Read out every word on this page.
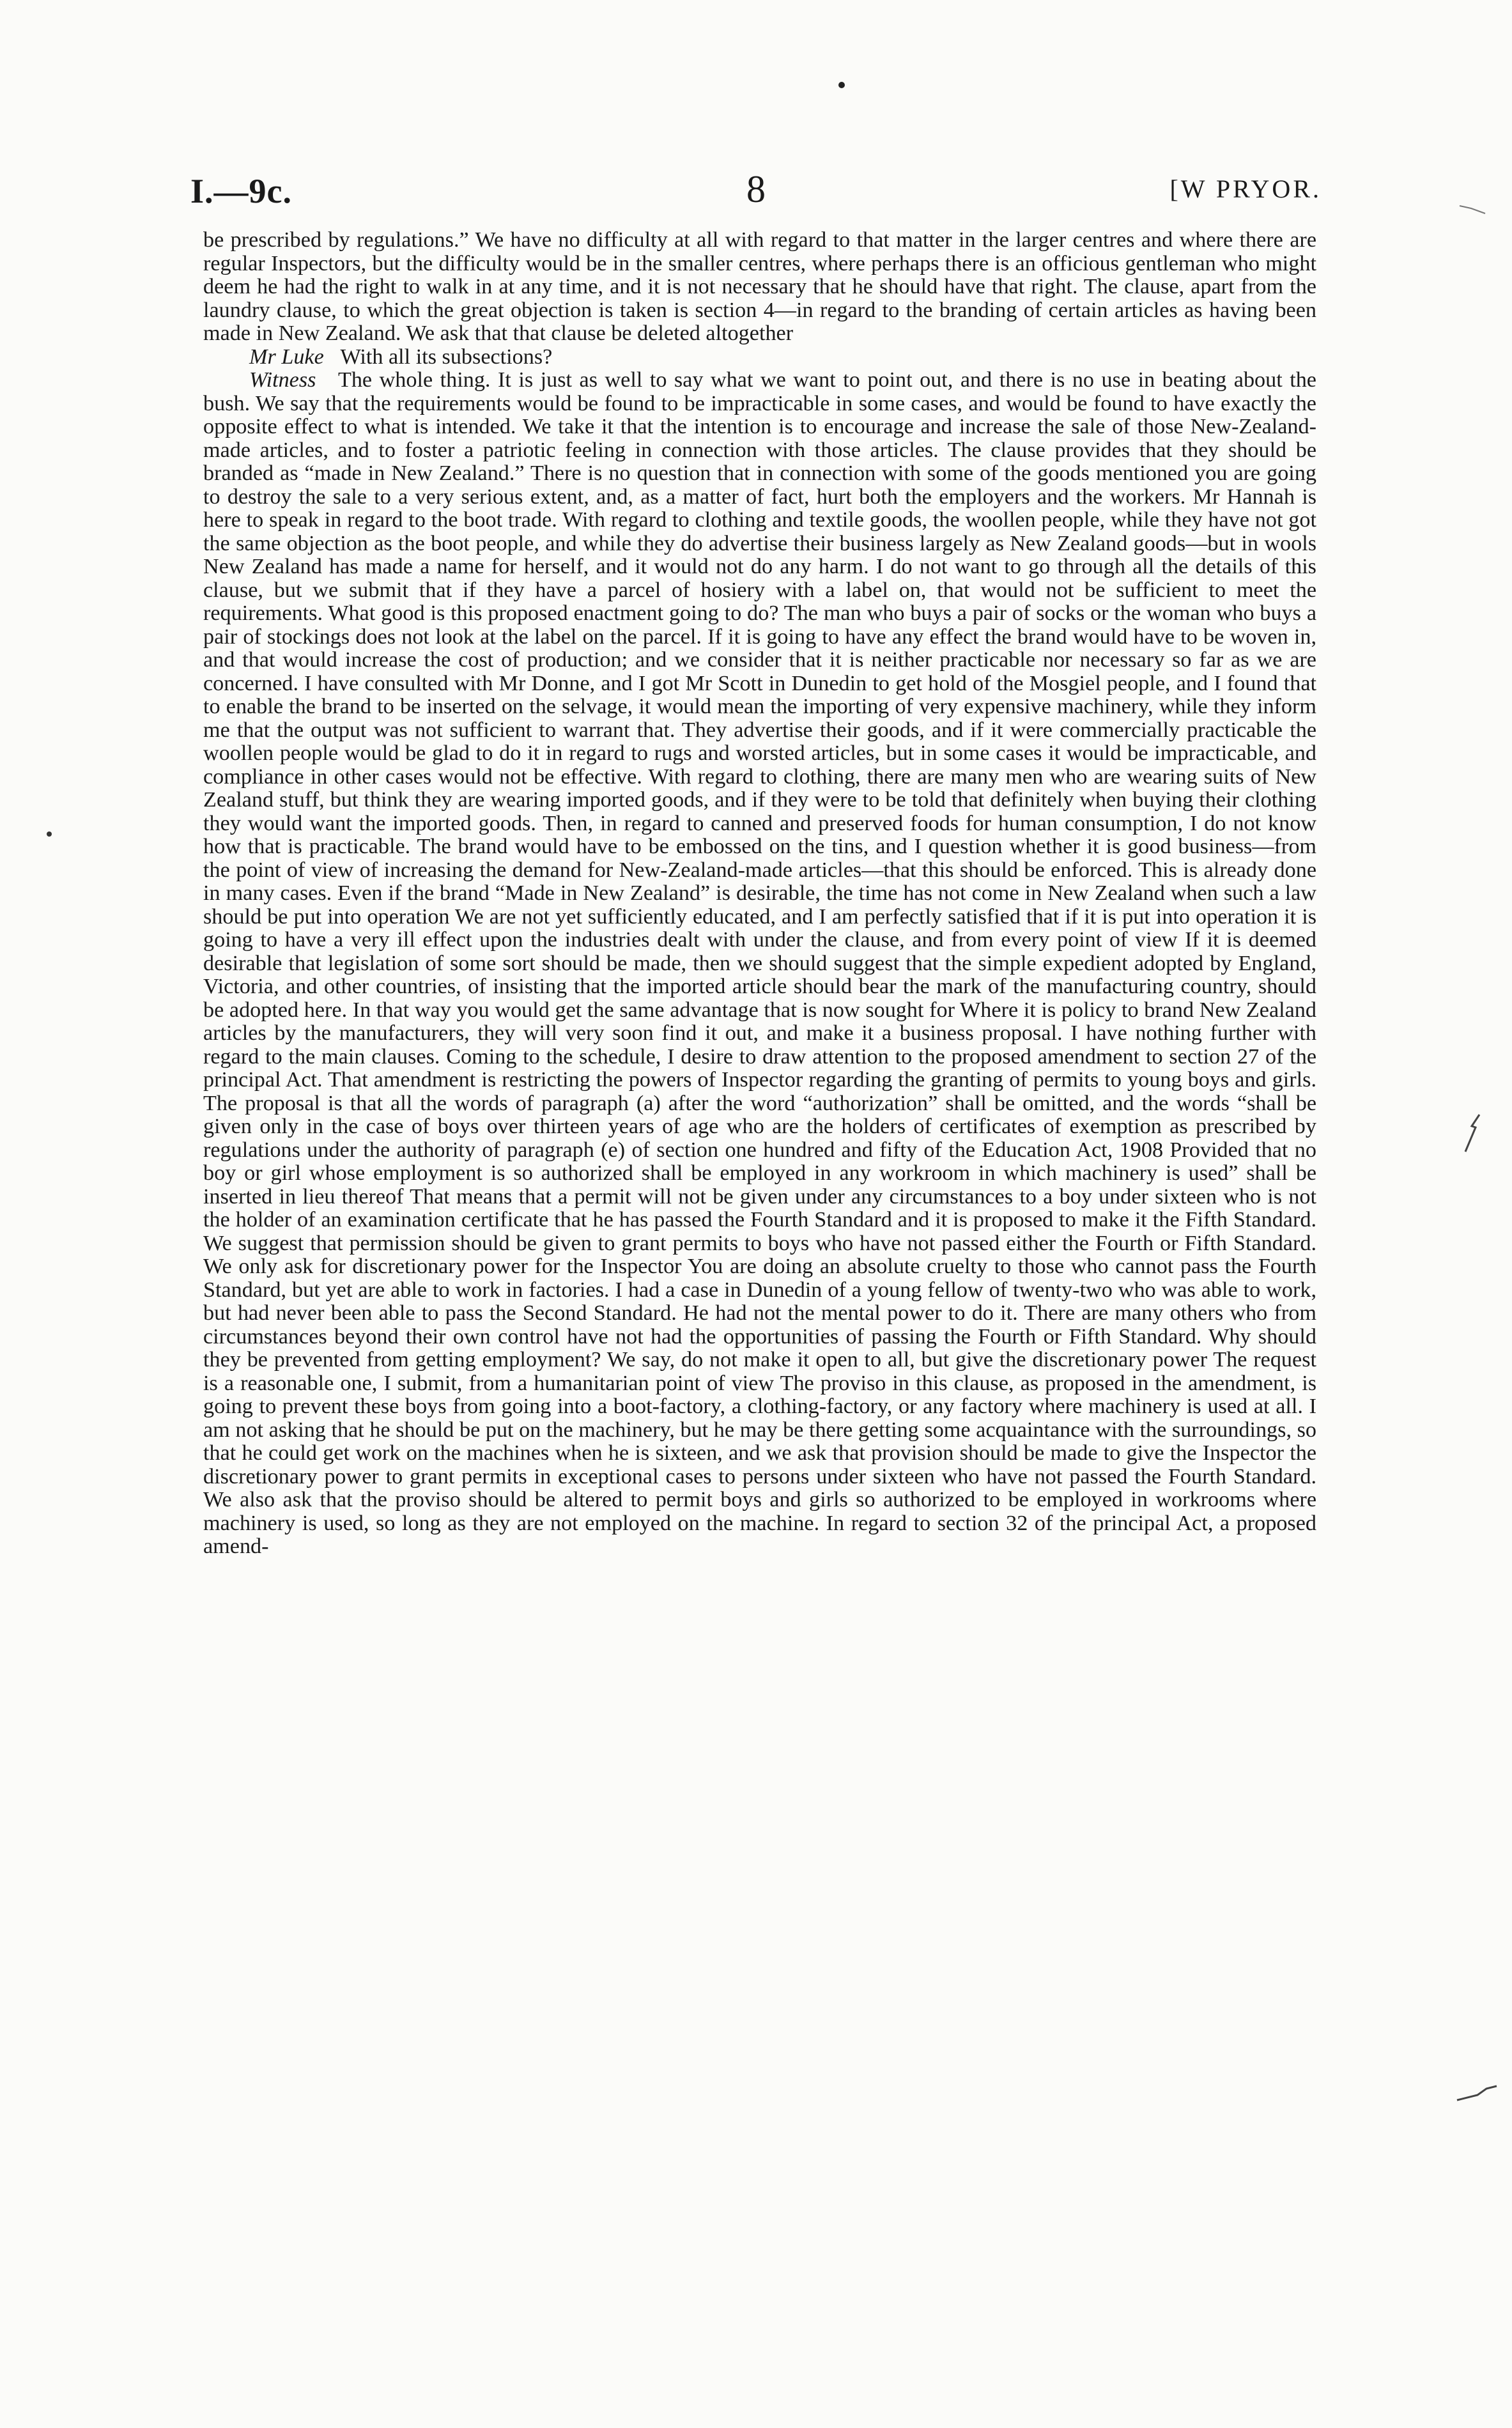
I.—9c.	8	[W PRYOR.

be prescribed by regulations.” We have no difficulty at all with regard to that matter in the larger centres and where there are regular Inspectors, but the difficulty would be in the smaller centres, where perhaps there is an officious gentleman who might deem he had the right to walk in at any time, and it is not necessary that he should have that right. The clause, apart from the laundry clause, to which the great objection is taken is section 4—in regard to the branding of certain articles as having been made in New Zealand. We ask that that clause be deleted altogether

Mr Luke With all its subsections?

Witness The whole thing. It is just as well to say what we want to point out, and there is no use in beating about the bush. We say that the requirements would be found to be impracticable in some cases, and would be found to have exactly the opposite effect to what is intended. We take it that the intention is to encourage and increase the sale of those New-Zealand-made articles, and to foster a patriotic feeling in connection with those articles. The clause provides that they should be branded as “made in New Zealand.” There is no question that in connection with some of the goods mentioned you are going to destroy the sale to a very serious extent, and, as a matter of fact, hurt both the employers and the workers. Mr Hannah is here to speak in regard to the boot trade. With regard to clothing and textile goods, the woollen people, while they have not got the same objection as the boot people, and while they do advertise their business largely as New Zealand goods—but in wools New Zealand has made a name for herself, and it would not do any harm. I do not want to go through all the details of this clause, but we submit that if they have a parcel of hosiery with a label on, that would not be sufficient to meet the requirements. What good is this proposed enactment going to do? The man who buys a pair of socks or the woman who buys a pair of stockings does not look at the label on the parcel. If it is going to have any effect the brand would have to be woven in, and that would increase the cost of production; and we consider that it is neither practicable nor necessary so far as we are concerned. I have consulted with Mr Donne, and I got Mr Scott in Dunedin to get hold of the Mosgiel people, and I found that to enable the brand to be inserted on the selvage, it would mean the importing of very expensive machinery, while they inform me that the output was not sufficient to warrant that. They advertise their goods, and if it were commercially practicable the woollen people would be glad to do it in regard to rugs and worsted articles, but in some cases it would be impracticable, and compliance in other cases would not be effective. With regard to clothing, there are many men who are wearing suits of New Zealand stuff, but think they are wearing imported goods, and if they were to be told that definitely when buying their clothing they would want the imported goods. Then, in regard to canned and preserved foods for human consumption, I do not know how that is practicable. The brand would have to be embossed on the tins, and I question whether it is good business—from the point of view of increasing the demand for New-Zealand-made articles—that this should be enforced. This is already done in many cases. Even if the brand “Made in New Zealand” is desirable, the time has not come in New Zealand when such a law should be put into operation We are not yet sufficiently educated, and I am perfectly satisfied that if it is put into operation it is going to have a very ill effect upon the industries dealt with under the clause, and from every point of view If it is deemed desirable that legislation of some sort should be made, then we should suggest that the simple expedient adopted by England, Victoria, and other countries, of insisting that the imported article should bear the mark of the manufacturing country, should be adopted here. In that way you would get the same advantage that is now sought for Where it is policy to brand New Zealand articles by the manufacturers, they will very soon find it out, and make it a business proposal. I have nothing further with regard to the main clauses. Coming to the schedule, I desire to draw attention to the proposed amendment to section 27 of the principal Act. That amendment is restricting the powers of Inspector regarding the granting of permits to young boys and girls. The proposal is that all the words of paragraph (a) after the word “authorization” shall be omitted, and the words “shall be given only in the case of boys over thirteen years of age who are the holders of certificates of exemption as prescribed by regulations under the authority of paragraph (e) of section one hundred and fifty of the Education Act, 1908 Provided that no boy or girl whose employment is so authorized shall be employed in any workroom in which machinery is used” shall be inserted in lieu thereof That means that a permit will not be given under any circumstances to a boy under sixteen who is not the holder of an examination certificate that he has passed the Fourth Standard and it is proposed to make it the Fifth Standard. We suggest that permission should be given to grant permits to boys who have not passed either the Fourth or Fifth Standard. We only ask for discretionary power for the Inspector You are doing an absolute cruelty to those who cannot pass the Fourth Standard, but yet are able to work in factories. I had a case in Dunedin of a young fellow of twenty-two who was able to work, but had never been able to pass the Second Standard. He had not the mental power to do it. There are many others who from circumstances beyond their own control have not had the opportunities of passing the Fourth or Fifth Standard. Why should they be prevented from getting employment? We say, do not make it open to all, but give the discretionary power The request is a reasonable one, I submit, from a humanitarian point of view The proviso in this clause, as proposed in the amendment, is going to prevent these boys from going into a boot-factory, a clothing-factory, or any factory where machinery is used at all. I am not asking that he should be put on the machinery, but he may be there getting some acquaintance with the surroundings, so that he could get work on the machines when he is sixteen, and we ask that provision should be made to give the Inspector the discretionary power to grant permits in exceptional cases to persons under sixteen who have not passed the Fourth Standard. We also ask that the proviso should be altered to permit boys and girls so authorized to be employed in workrooms where machinery is used, so long as they are not employed on the machine. In regard to section 32 of the principal Act, a proposed amend-
